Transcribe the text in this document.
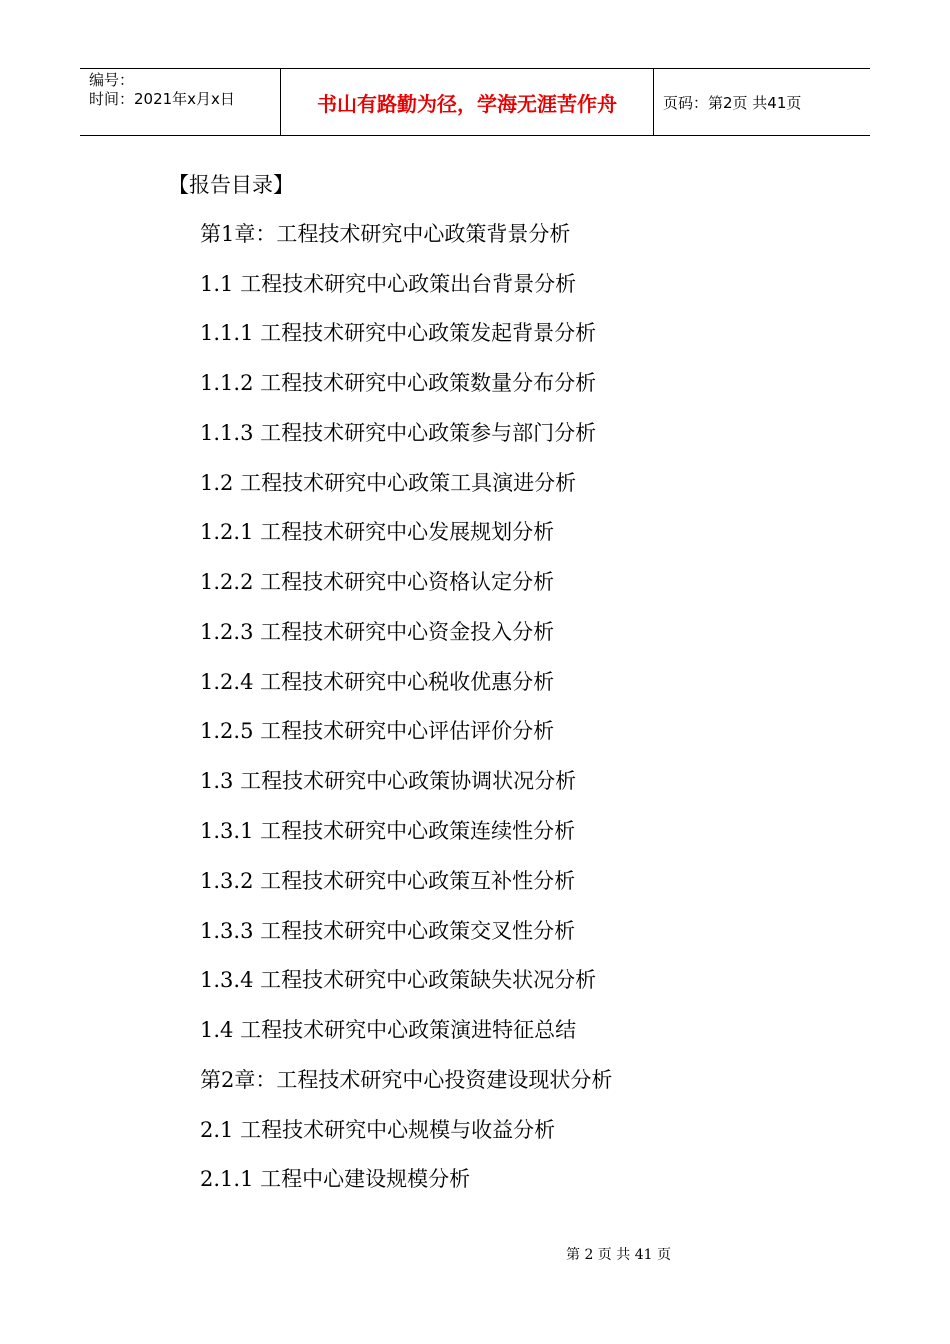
编号：
时间：2021年x月x日	书山有路勤为径，学海无涯苦作舟	页码：第2页 共41页
【报告目录】
第1章：工程技术研究中心政策背景分析
1.1 工程技术研究中心政策出台背景分析
1.1.1 工程技术研究中心政策发起背景分析
1.1.2 工程技术研究中心政策数量分布分析
1.1.3 工程技术研究中心政策参与部门分析
1.2 工程技术研究中心政策工具演进分析
1.2.1 工程技术研究中心发展规划分析
1.2.2 工程技术研究中心资格认定分析
1.2.3 工程技术研究中心资金投入分析
1.2.4 工程技术研究中心税收优惠分析
1.2.5 工程技术研究中心评估评价分析
1.3 工程技术研究中心政策协调状况分析
1.3.1 工程技术研究中心政策连续性分析
1.3.2 工程技术研究中心政策互补性分析
1.3.3 工程技术研究中心政策交叉性分析
1.3.4 工程技术研究中心政策缺失状况分析
1.4 工程技术研究中心政策演进特征总结
第2章：工程技术研究中心投资建设现状分析
2.1 工程技术研究中心规模与收益分析
2.1.1 工程中心建设规模分析
第 2 页 共 41 页
